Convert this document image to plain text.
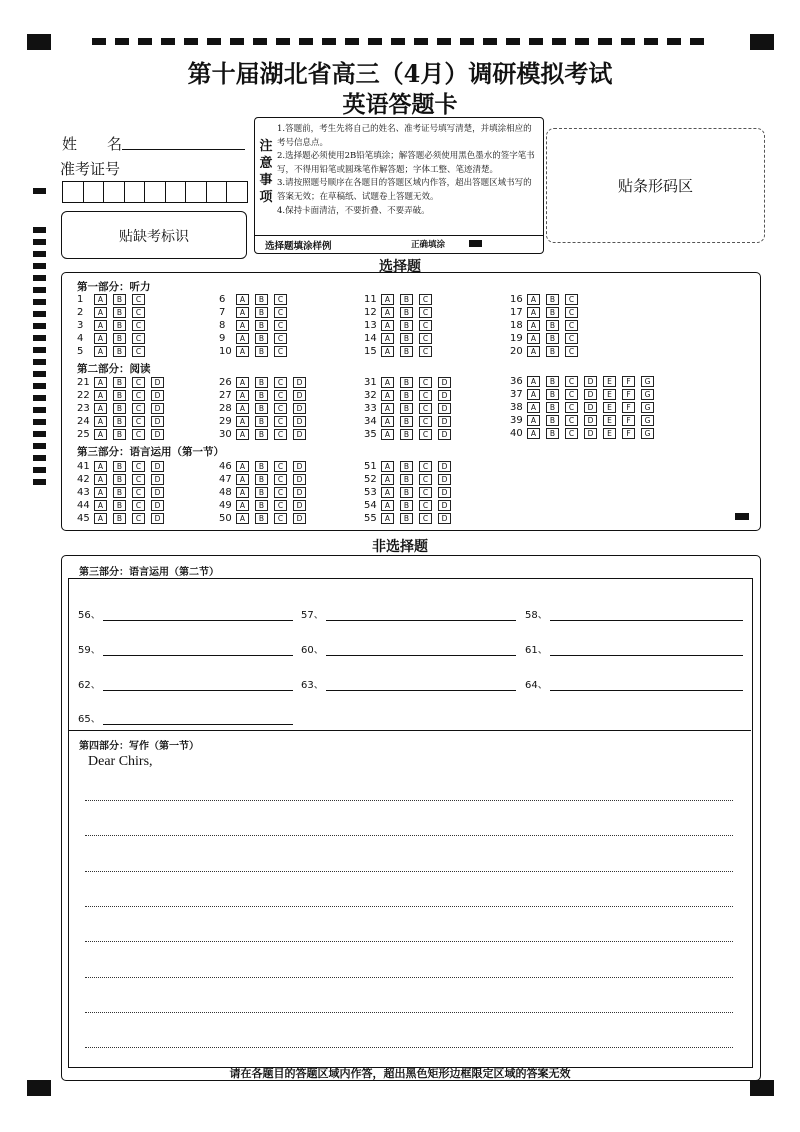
第十届湖北省高三（4月）调研模拟考试
英语答题卡
姓　　名
准考证号
贴缺考标识
注
意
事
项
1.答题前，考生先将自己的姓名、准考证号填写清楚，并填涂相应的考号信息点。
2.选择题必须使用2B铅笔填涂；解答题必须使用黑色墨水的签字笔书写，不得用铅笔或圆珠笔作解答题；字体工整、笔迹清楚。
3.请按照题号顺序在各题目的答题区域内作答，超出答题区域书写的答案无效；在草稿纸、试题卷上答题无效。
4.保持卡面清洁，不要折叠、不要弄破。
选择题填涂样例	正确填涂
贴条形码区
选择题
第一部分：听力
第二部分：阅读
第三部分：语言运用（第一节）
1	A	B	C
2	A	B	C
3	A	B	C
4	A	B	C
5	A	B	C
6	A	B	C
7	A	B	C
8	A	B	C
9	A	B	C
10	A	B	C
11	A	B	C
12	A	B	C
13	A	B	C
14	A	B	C
15	A	B	C
16	A	B	C
17	A	B	C
18	A	B	C
19	A	B	C
20	A	B	C
21	A	B	C	D
22	A	B	C	D
23	A	B	C	D
24	A	B	C	D
25	A	B	C	D
26	A	B	C	D
27	A	B	C	D
28	A	B	C	D
29	A	B	C	D
30	A	B	C	D
31	A	B	C	D
32	A	B	C	D
33	A	B	C	D
34	A	B	C	D
35	A	B	C	D
36	A	B	C	D	E	F	G
37	A	B	C	D	E	F	G
38	A	B	C	D	E	F	G
39	A	B	C	D	E	F	G
40	A	B	C	D	E	F	G
41	A	B	C	D
42	A	B	C	D
43	A	B	C	D
44	A	B	C	D
45	A	B	C	D
46	A	B	C	D
47	A	B	C	D
48	A	B	C	D
49	A	B	C	D
50	A	B	C	D
51	A	B	C	D
52	A	B	C	D
53	A	B	C	D
54	A	B	C	D
55	A	B	C	D
非选择题
第三部分：语言运用（第二节）
56、	57、	58、
59、	60、	61、
62、	63、	64、
65、
第四部分：写作（第一节）
Dear Chirs,
请在各题目的答题区域内作答，超出黑色矩形边框限定区域的答案无效
